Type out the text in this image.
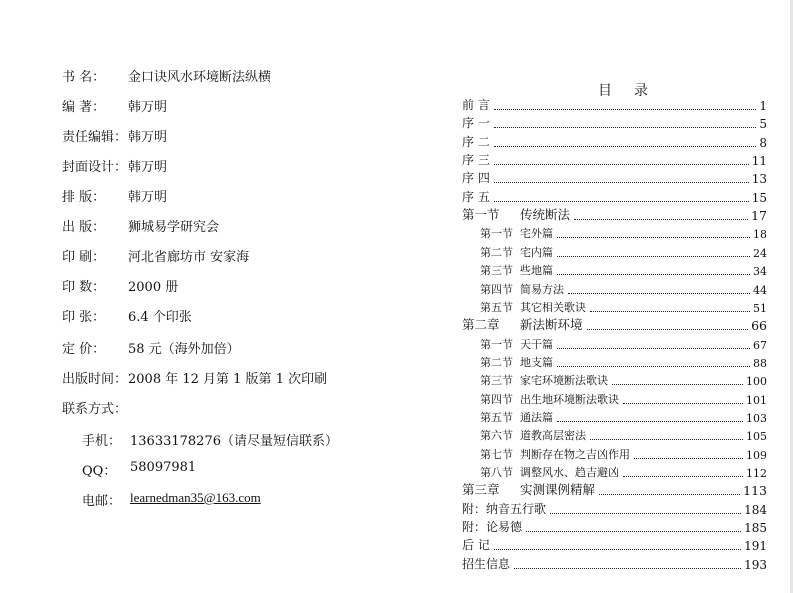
书 名： 金口诀风水环境断法纵横
编 著： 韩万明
责任编辑： 韩万明
封面设计： 韩万明
排 版： 韩万明
出 版： 狮城易学研究会
印 刷： 河北省廊坊市 安家海
印 数： 2000 册
印 张： 6.4 个印张
定 价： 58 元（海外加倍）
出版时间： 2008 年 12 月第 1 版第 1 次印刷
联系方式：
手机： 13633178276（请尽量短信联系）
QQ： 58097981
电邮： learnedman35@163.com
目录
前 言	1
序 一	5
序 二	8
序 三	11
序 四	13
序 五	15
第一节 传统断法	17
第一节 宅外篇	18
第二节 宅内篇	24
第三节 些地篇	34
第四节 简易方法	44
第五节 其它相关歌诀	51
第二章 新法断环境	66
第一节 天干篇	67
第二节 地支篇	88
第三节 家宅环境断法歌诀	100
第四节 出生地环境断法歌诀	101
第五节 通法篇	103
第六节 道教高层密法	105
第七节 判断存在物之吉凶作用	109
第八节 调整风水、趋吉避凶	112
第三章 实测课例精解	113
附：纳音五行歌	184
附：论易德	185
后 记	191
招生信息	193
